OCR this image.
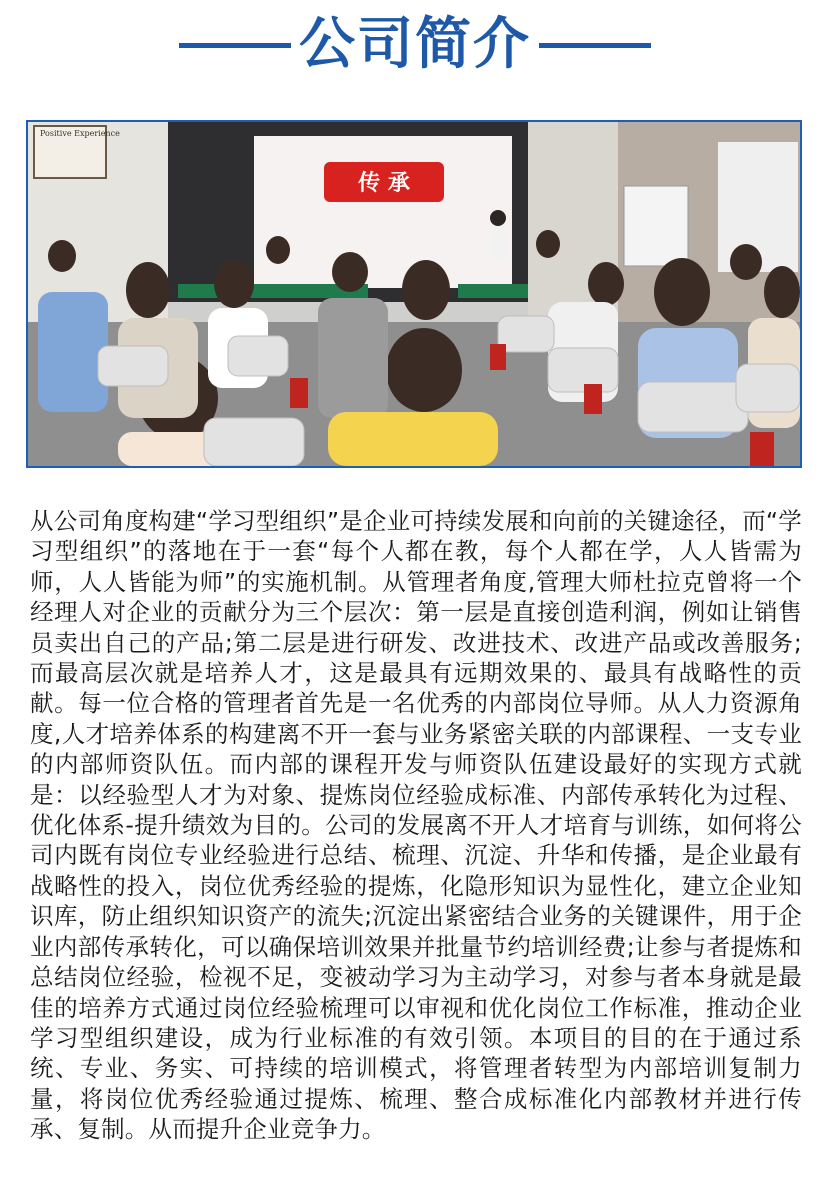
公司简介
Positive Experience
传 承
从公司角度构建“学习型组织”是企业可持续发展和向前的关键途径，而“学习型组织”的落地在于一套“每个人都在教，每个人都在学，人人皆需为师，人人皆能为师”的实施机制。从管理者角度,管理大师杜拉克曾将一个经理人对企业的贡献分为三个层次：第一层是直接创造利润，例如让销售员卖出自己的产品;第二层是进行研发、改进技术、改进产品或改善服务;而最高层次就是培养人才，这是最具有远期效果的、最具有战略性的贡献。每一位合格的管理者首先是一名优秀的内部岗位导师。从人力资源角度,人才培养体系的构建离不开一套与业务紧密关联的内部课程、一支专业的内部师资队伍。而内部的课程开发与师资队伍建设最好的实现方式就是：以经验型人才为对象、提炼岗位经验成标准、内部传承转化为过程、优化体系-提升绩效为目的。公司的发展离不开人才培育与训练，如何将公司内既有岗位专业经验进行总结、梳理、沉淀、升华和传播，是企业最有战略性的投入，岗位优秀经验的提炼，化隐形知识为显性化，建立企业知识库，防止组织知识资产的流失;沉淀出紧密结合业务的关键课件，用于企业内部传承转化，可以确保培训效果并批量节约培训经费;让参与者提炼和总结岗位经验，检视不足，变被动学习为主动学习，对参与者本身就是最佳的培养方式通过岗位经验梳理可以审视和优化岗位工作标准，推动企业学习型组织建设，成为行业标准的有效引领。本项目的目的在于通过系统、专业、务实、可持续的培训模式，将管理者转型为内部培训复制力量，将岗位优秀经验通过提炼、梳理、整合成标准化内部教材并进行传承、复制。从而提升企业竞争力。
